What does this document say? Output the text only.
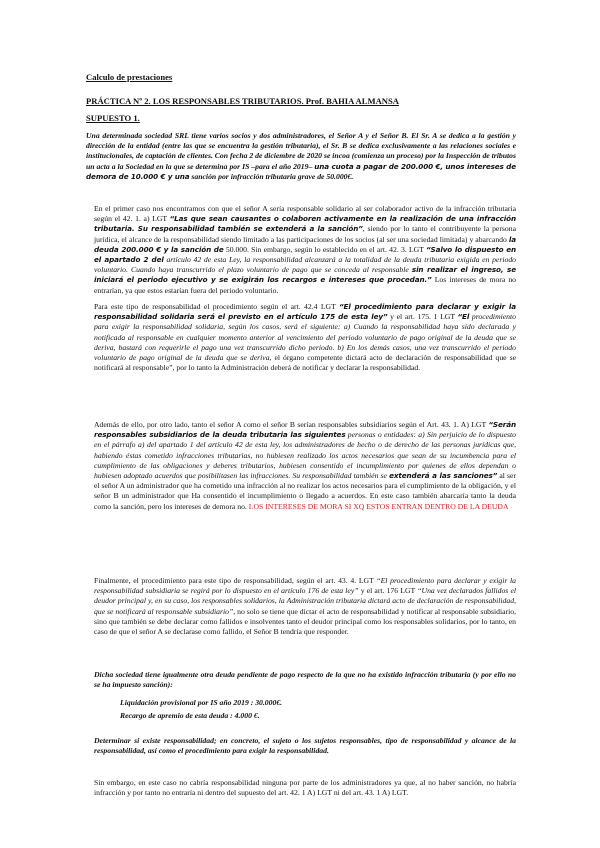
Calculo de prestaciones

PRÁCTICA Nº 2. LOS RESPONSABLES TRIBUTARIOS. Prof. BAHIA ALMANSA

SUPUESTO 1.

Una determinada sociedad SRL tiene varios socios y dos administradores, el Señor A y el Señor B. El Sr. A se dedica a la gestión y dirección de la entidad (entre las que se encuentra la gestión tributaria), el Sr. B se dedica exclusivamente a las relaciones sociales e institucionales, de captación de clientes. Con fecha 2 de diciembre de 2020 se incoa (comienza un proceso) por la Inspección de tributos un acta a la Sociedad en la que se determina por IS –para el año 2019– una cuota a pagar de 200.000 €, unos intereses de demora de 10.000 € y una sanción por infracción tributaria grave de 50.000€.

En el primer caso nos encontramos con que el señor A sería responsable solidario al ser colaborador activo de la infracción tributaria según el 42. 1. a) LGT “Las que sean causantes o colaboren activamente en la realización de una infracción tributaria. Su responsabilidad también se extenderá a la sanción”, siendo por lo tanto el contribuyente la persona jurídica, el alcance de la responsabilidad siendo limitado a las participaciones de los socios (al ser una sociedad limitada) y abarcando la deuda 200.000 € y la sanción de 50.000. Sin embargo, según lo establecido en el art. 42. 3. LGT “Salvo lo dispuesto en el apartado 2 del artículo 42 de esta Ley, la responsabilidad alcanzará a la totalidad de la deuda tributaria exigida en periodo voluntario. Cuando haya transcurrido el plazo voluntario de pago que se conceda al responsable sin realizar el ingreso, se iniciará el periodo ejecutivo y se exigirán los recargos e intereses que procedan.” Los intereses de mora no entrarían, ya que estos estarían fuera del periodo voluntario.

Para este tipo de responsabilidad el procedimiento según el art. 42.4 LGT “El procedimiento para declarar y exigir la responsabilidad solidaria será el previsto en el artículo 175 de esta ley” y el art. 175. 1 LGT “El procedimiento para exigir la responsabilidad solidaria, según los casos, será el siguiente: a) Cuando la responsabilidad haya sido declarada y notificada al responsable en cualquier momento anterior al vencimiento del periodo voluntario de pago original de la deuda que se deriva, bastará con requerirle el pago una vez transcurrido dicho periodo. b) En los demás casos, una vez transcurrido el periodo voluntario de pago original de la deuda que se deriva, el órgano competente dictará acto de declaración de responsabilidad que se notificará al responsable”, por lo tanto la Administración deberá de notificar y declarar la responsabilidad.

Además de ello, por otro lado, tanto el señor A como el señor B serían responsables subsidiarios según el Art. 43. 1. A) LGT “Serán responsables subsidiarios de la deuda tributaria las siguientes personas o entidades: a) Sin perjuicio de lo dispuesto en el párrafo a) del apartado 1 del artículo 42 de esta ley, los administradores de hecho o de derecho de las personas jurídicas que, habiendo éstas cometido infracciones tributarias, no hubiesen realizado los actos necesarios que sean de su incumbencia para el cumplimiento de las obligaciones y deberes tributarios, hubiesen consentido el incumplimiento por quienes de ellos dependan o hubiesen adoptado acuerdos que posibilitasen las infracciones. Su responsabilidad también se extenderá a las sanciones” al ser el señor A un administrador que ha cometido una infracción al no realizar los actos necesarios para el cumplimiento de la obligación, y el señor B un administrador que Ha consentido el incumplimiento o llegado a acuerdos. En este caso también abarcaría tanto la deuda como la sanción, pero los intereses de demora no. LOS INTERESES DE MORA SI XQ ESTOS ENTRAN DENTRO DE LA DEUDA

Finalmente, el procedimiento para este tipo de responsabilidad, según el art. 43. 4. LGT “El procedimiento para declarar y exigir la responsabilidad subsidiaria se regirá por lo dispuesto en el artículo 176 de esta ley” y el art. 176 LGT “Una vez declarados fallidos el deudor principal y, en su caso, los responsables solidarios, la Administración tributaria dictará acto de declaración de responsabilidad, que se notificará al responsable subsidiario”, no solo se tiene que dictar el acto de responsabilidad y notificar al responsable subsidiario, sino que también se debe declarar como fallidos e insolventes tanto el deudor principal como los responsables solidarios, por lo tanto, en caso de que el señor A se declarase como fallido, el Señor B tendría que responder.

Dicha sociedad tiene igualmente otra deuda pendiente de pago respecto de la que no ha existido infracción tributaria (y por ello no se ha impuesto sanción):

Liquidación provisional por IS año 2019 : 30.000€.

Recargo de apremio de esta deuda : 4.000 €.

Determinar si existe responsabilidad; en concreto, el sujeto o los sujetos responsables, tipo de responsabilidad y alcance de la responsabilidad, así como el procedimiento para exigir la responsabilidad.

Sin embargo, en este caso no cabría responsabilidad ninguna por parte de los administradores ya que, al no haber sanción, no habría infracción y por tanto no entraría ni dentro del supuesto del art. 42. 1 A) LGT ni del art. 43. 1 A) LGT.
